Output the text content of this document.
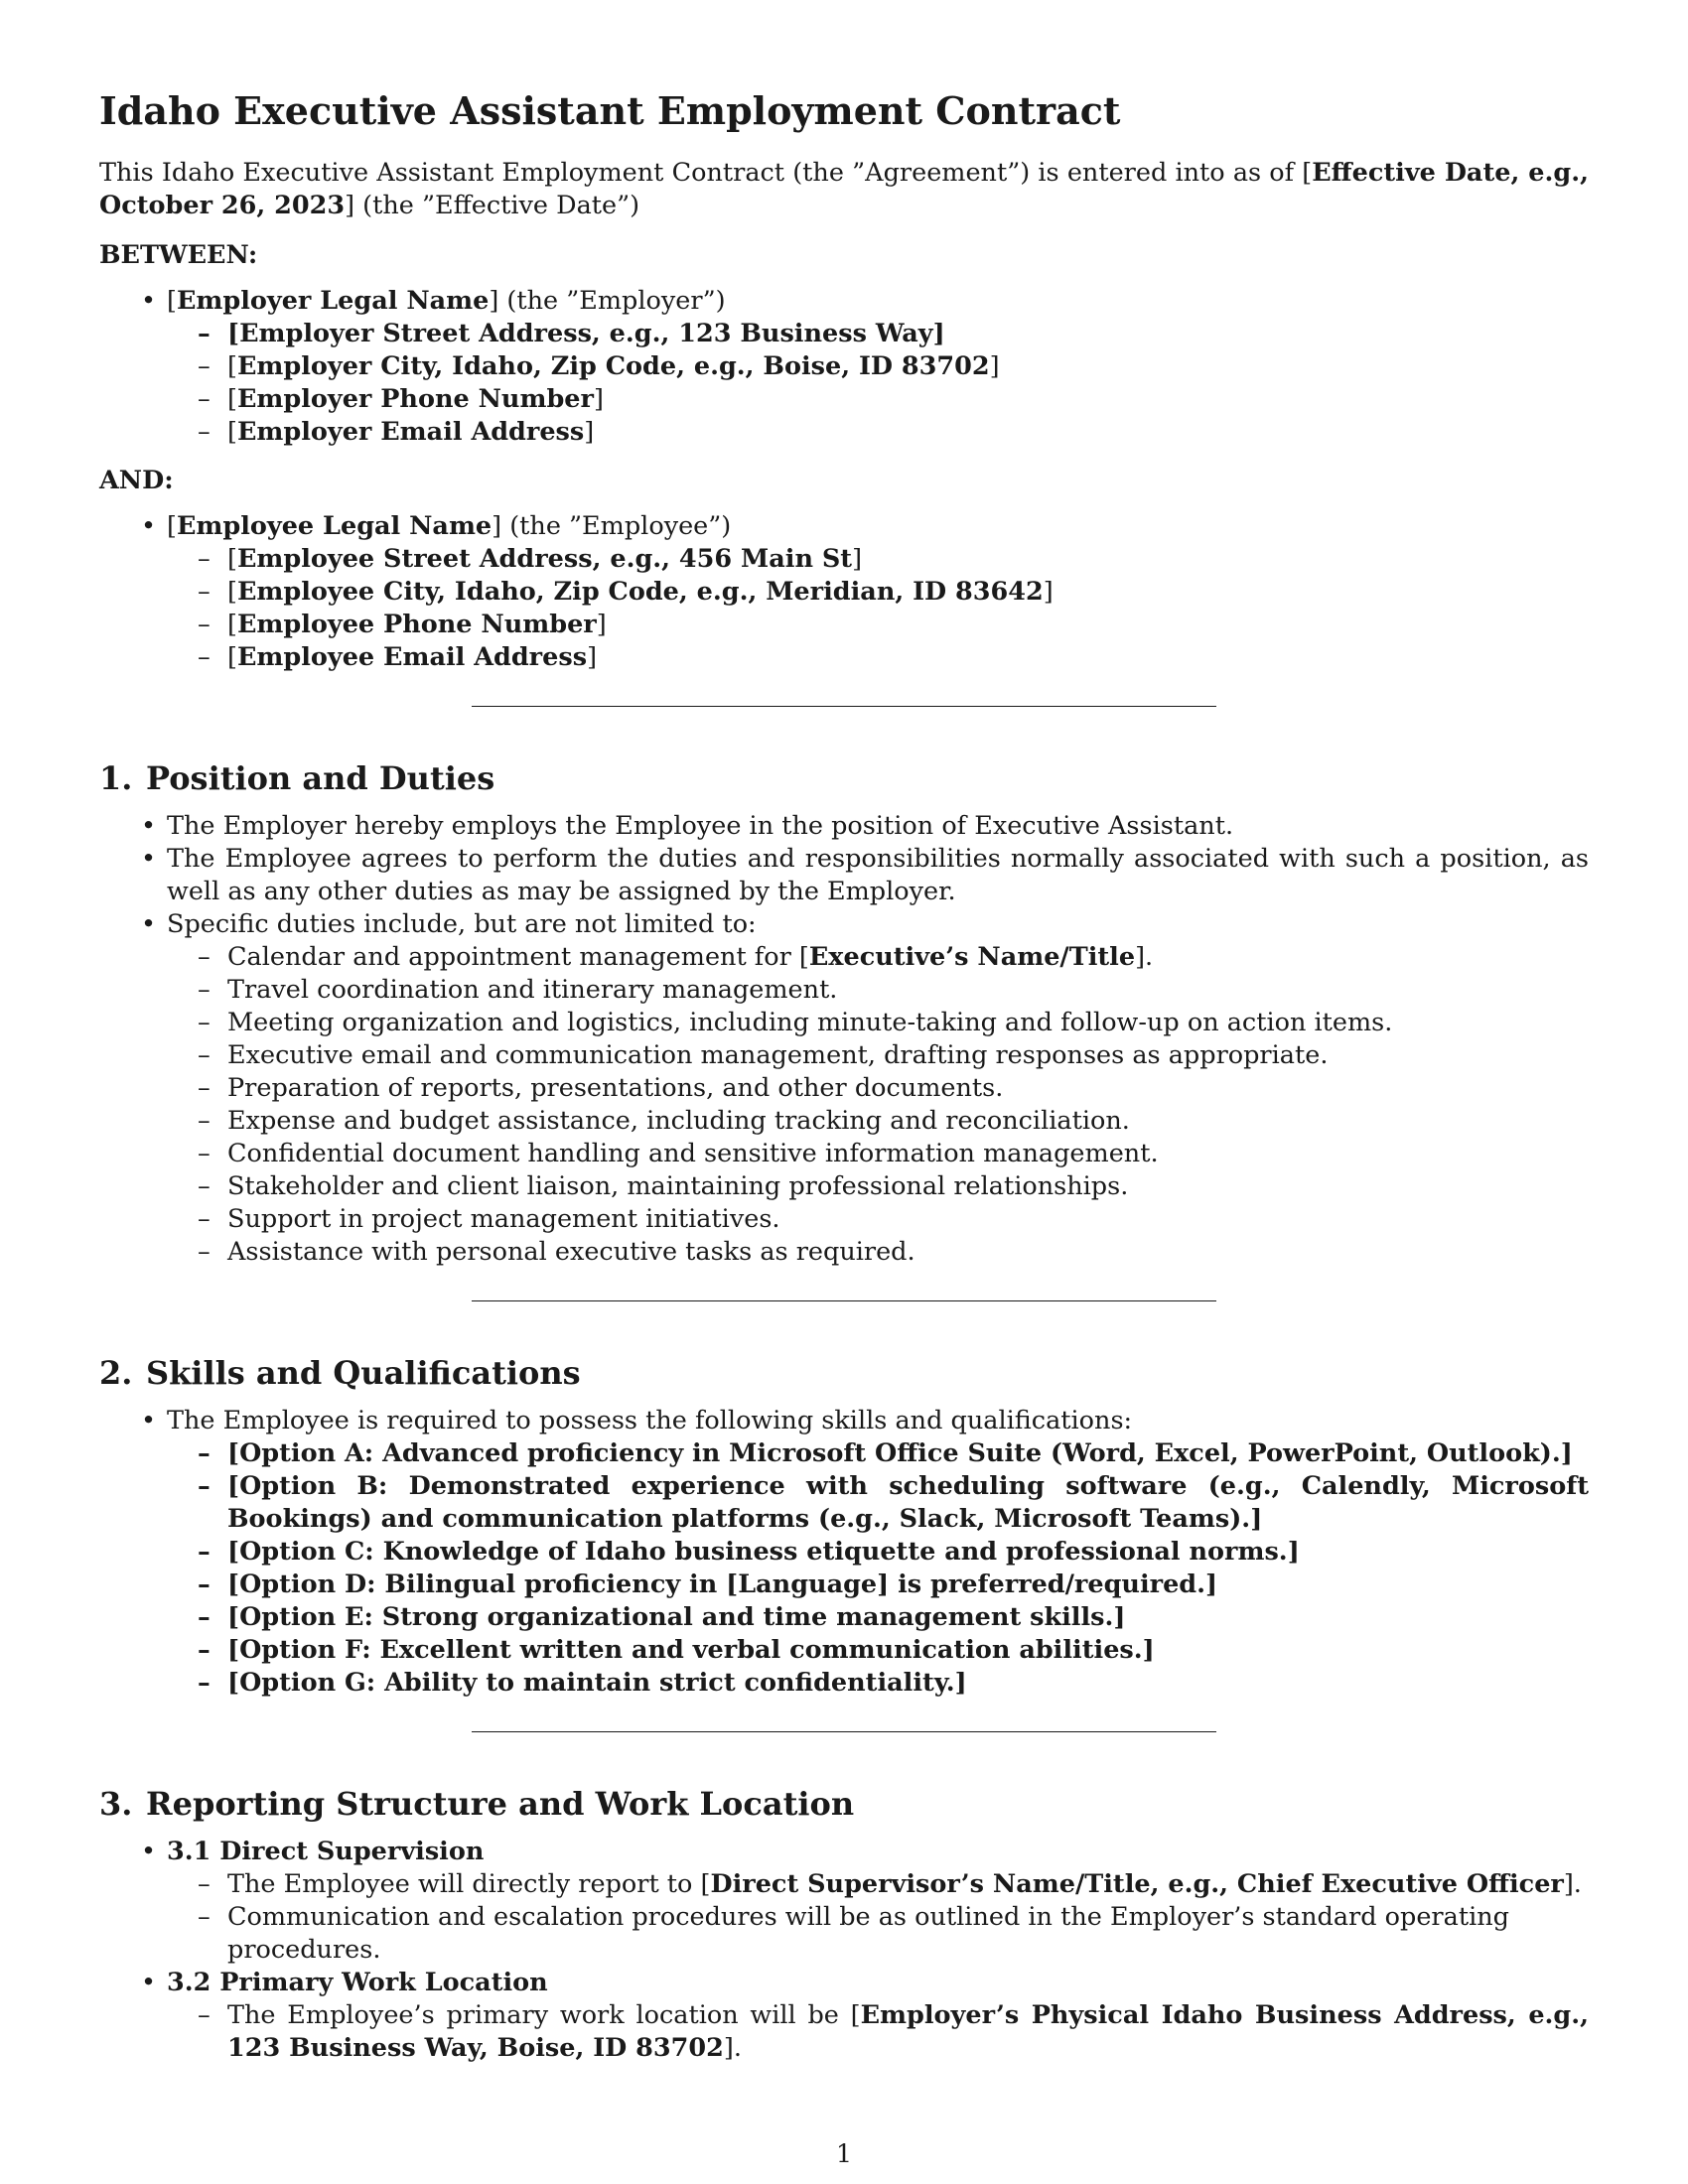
Idaho Executive Assistant Employment Contract

This Idaho Executive Assistant Employment Contract (the ”Agreement”) is entered into as of [Effective Date, e.g., October 26, 2023] (the ”Effective Date”)

BETWEEN:
• [Employer Legal Name] (the ”Employer”)
– [Employer Street Address, e.g., 123 Business Way]
– [Employer City, Idaho, Zip Code, e.g., Boise, ID 83702]
– [Employer Phone Number]
– [Employer Email Address]
AND:
• [Employee Legal Name] (the ”Employee”)
– [Employee Street Address, e.g., 456 Main St]
– [Employee City, Idaho, Zip Code, e.g., Meridian, ID 83642]
– [Employee Phone Number]
– [Employee Email Address]
1. Position and Duties
• The Employer hereby employs the Employee in the position of Executive Assistant.
• The Employee agrees to perform the duties and responsibilities normally associated with such a position, as well as any other duties as may be assigned by the Employer.
• Specific duties include, but are not limited to:
– Calendar and appointment management for [Executive’s Name/Title].
– Travel coordination and itinerary management.
– Meeting organization and logistics, including minute-taking and follow-up on action items.
– Executive email and communication management, drafting responses as appropriate.
– Preparation of reports, presentations, and other documents.
– Expense and budget assistance, including tracking and reconciliation.
– Confidential document handling and sensitive information management.
– Stakeholder and client liaison, maintaining professional relationships.
– Support in project management initiatives.
– Assistance with personal executive tasks as required.
2. Skills and Qualifications
• The Employee is required to possess the following skills and qualifications:
– [Option A: Advanced proficiency in Microsoft Office Suite (Word, Excel, PowerPoint, Outlook).]
– [Option B: Demonstrated experience with scheduling software (e.g., Calendly, Microsoft Bookings) and communication platforms (e.g., Slack, Microsoft Teams).]
– [Option C: Knowledge of Idaho business etiquette and professional norms.]
– [Option D: Bilingual proficiency in [Language] is preferred/required.]
– [Option E: Strong organizational and time management skills.]
– [Option F: Excellent written and verbal communication abilities.]
– [Option G: Ability to maintain strict confidentiality.]
3. Reporting Structure and Work Location
• 3.1 Direct Supervision
– The Employee will directly report to [Direct Supervisor’s Name/Title, e.g., Chief Executive Officer].
– Communication and escalation procedures will be as outlined in the Employer’s standard operating procedures.
• 3.2 Primary Work Location
– The Employee’s primary work location will be [Employer’s Physical Idaho Business Address, e.g., 123 Business Way, Boise, ID 83702].
1
